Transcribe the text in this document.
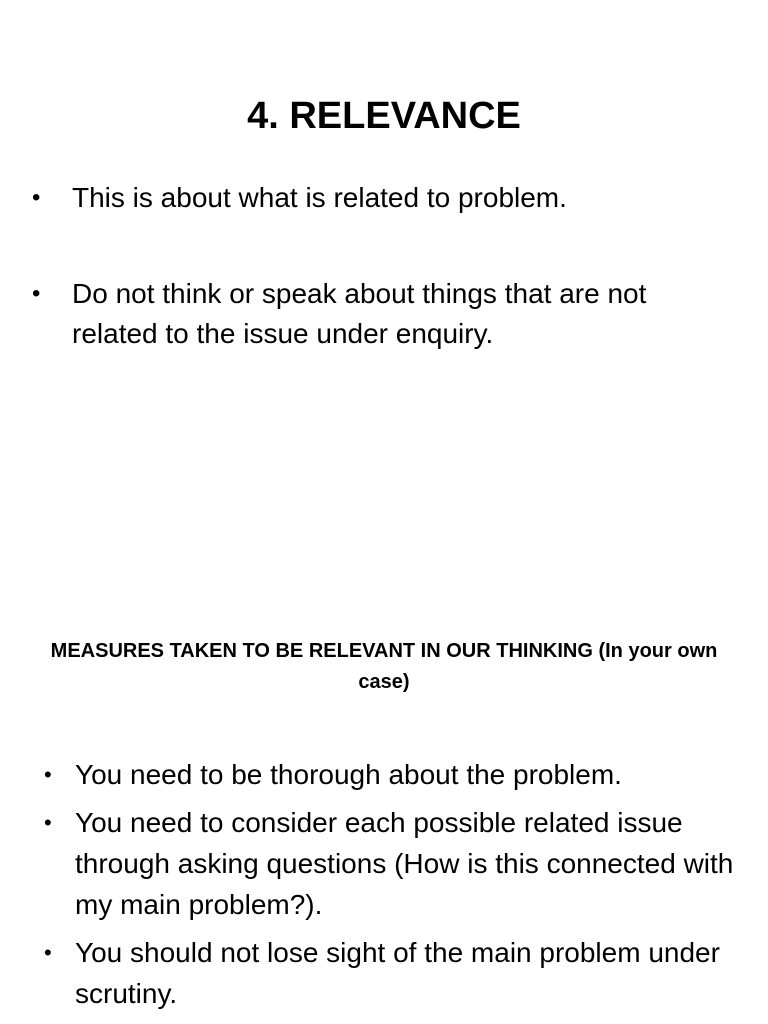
4. RELEVANCE
• This is about what is related to problem.
• Do not think or speak about things that are not related to the issue under enquiry.
MEASURES TAKEN TO BE RELEVANT IN OUR THINKING (In your own case)
• You need to be thorough about the problem.
• You need to consider each possible related issue through asking questions (How is this connected with my main problem?).
• You should not lose sight of the main problem under scrutiny.
